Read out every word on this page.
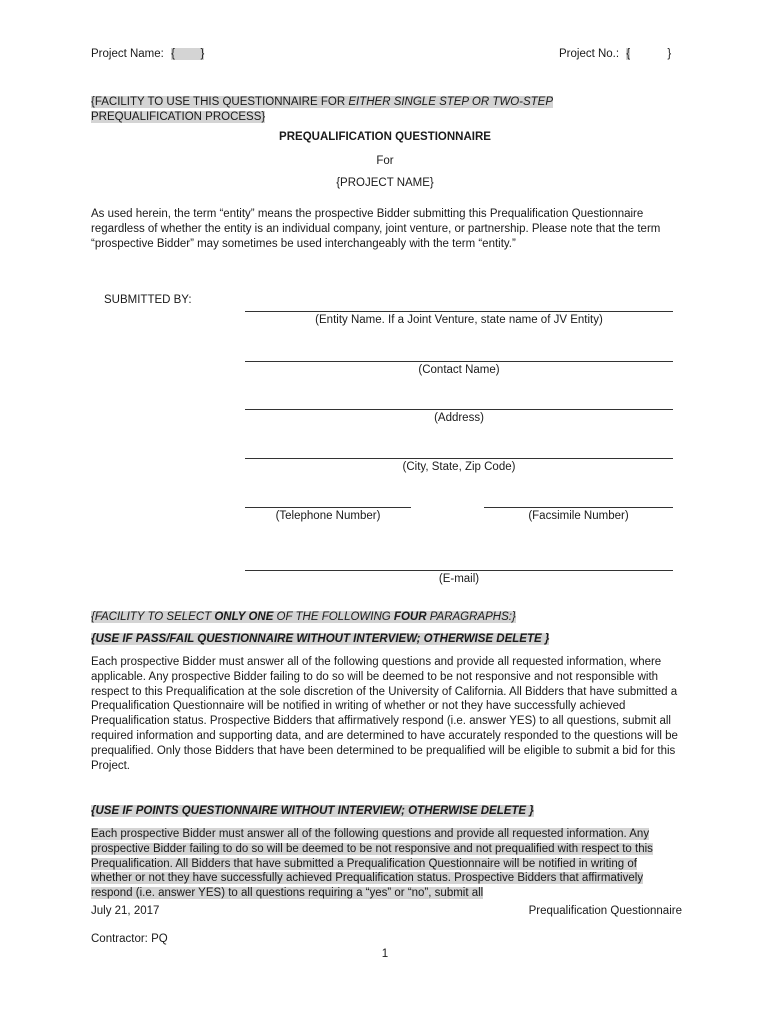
Project Name: {        }	Project No.: {	}
{FACILITY TO USE THIS QUESTIONNAIRE FOR EITHER SINGLE STEP OR TWO-STEP
PREQUALIFICATION PROCESS}
PREQUALIFICATION QUESTIONNAIRE
For
{PROJECT NAME}
As used herein, the term “entity” means the prospective Bidder submitting this Prequalification Questionnaire regardless of whether the entity is an individual company, joint venture, or partnership. Please note that the term “prospective Bidder” may sometimes be used interchangeably with the term “entity.”
SUBMITTED BY:
(Entity Name. If a Joint Venture, state name of JV Entity)
(Contact Name)
(Address)
(City, State, Zip Code)
(Telephone Number)	(Facsimile Number)
(E-mail)
{FACILITY TO SELECT ONLY ONE OF THE FOLLOWING FOUR PARAGRAPHS:}
{USE IF PASS/FAIL QUESTIONNAIRE WITHOUT INTERVIEW; OTHERWISE DELETE }
Each prospective Bidder must answer all of the following questions and provide all requested information, where applicable. Any prospective Bidder failing to do so will be deemed to be not responsive and not responsible with respect to this Prequalification at the sole discretion of the University of California. All Bidders that have submitted a Prequalification Questionnaire will be notified in writing of whether or not they have successfully achieved Prequalification status. Prospective Bidders that affirmatively respond (i.e. answer YES) to all questions, submit all required information and supporting data, and are determined to have accurately responded to the questions will be prequalified. Only those Bidders that have been determined to be prequalified will be eligible to submit a bid for this Project.
{USE IF POINTS QUESTIONNAIRE WITHOUT INTERVIEW; OTHERWISE DELETE }
Each prospective Bidder must answer all of the following questions and provide all requested information. Any prospective Bidder failing to do so will be deemed to be not responsive and not prequalified with respect to this Prequalification. All Bidders that have submitted a Prequalification Questionnaire will be notified in writing of whether or not they have successfully achieved Prequalification status. Prospective Bidders that affirmatively respond (i.e. answer YES) to all questions requiring a “yes” or “no”, submit all
July 21, 2017	Prequalification Questionnaire
Contractor: PQ
1
